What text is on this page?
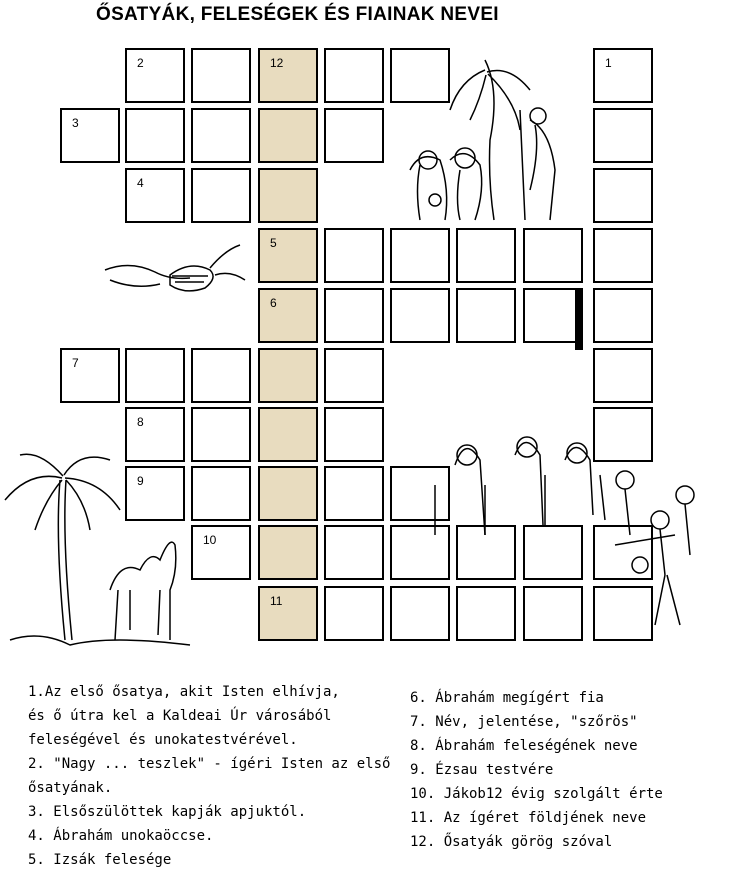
ŐSATYÁK, FELESÉGEK ÉS FIAINAK NEVEI
2	12
3
4
5
6
7
8
9
10
11
1
1.Az első ősatya, akit Isten elhívja,
és ő útra kel a Kaldeai Úr városából
feleségével és unokatestvérével.
2. "Nagy ... teszlek" - ígéri Isten az első
ősatyának.
3. Elsőszülöttek kapják apjuktól.
4. Ábrahám unokaöccse.
5. Izsák felesége
6. Ábrahám megígért fia
7. Név, jelentése, "szőrös"
8. Ábrahám feleségének neve
9. Ézsau testvére
10. Jákob12 évig szolgált érte
11. Az ígéret földjének neve
12. Ősatyák görög szóval
